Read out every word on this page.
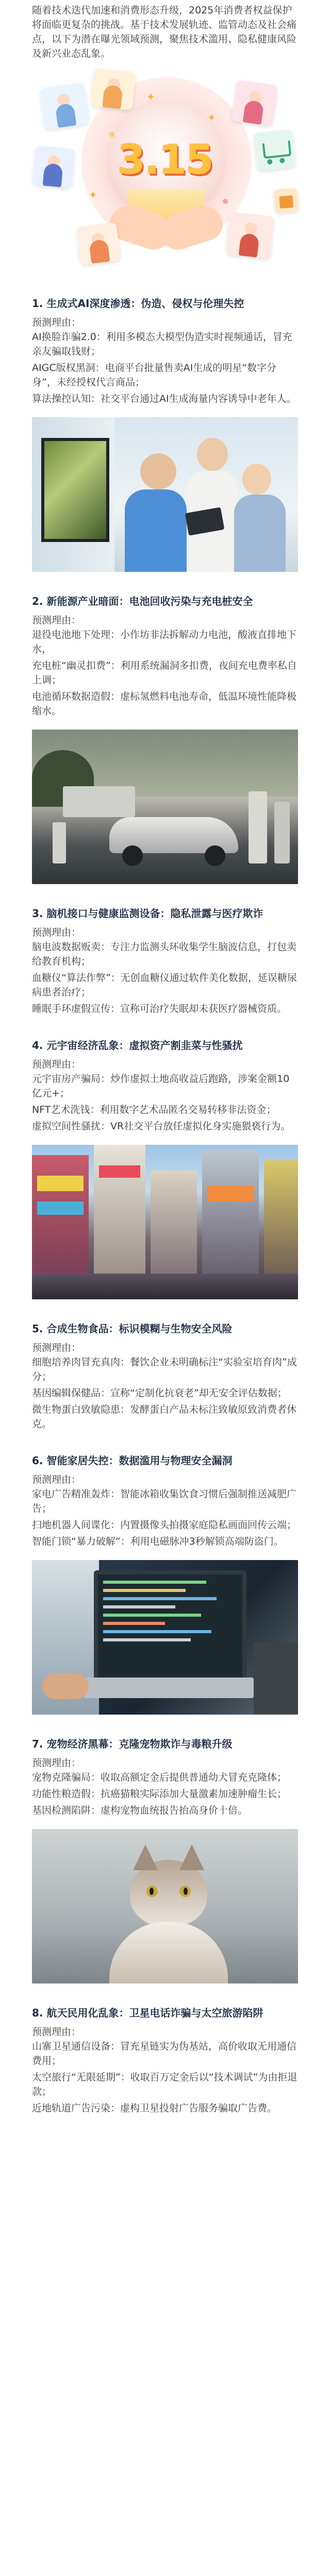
随着技术迭代加速和消费形态升级，2025年消费者权益保护将面临更复杂的挑战。基于技术发展轨迹、监管动态及社会痛点，以下为潜在曝光领域预测，聚焦技术滥用、隐私健康风险及新兴业态乱象。

3.15
✦
✦
✦

1. 生成式AI深度渗透：伪造、侵权与伦理失控

预测理由：

AI换脸诈骗2.0：利用多模态大模型伪造实时视频通话，冒充亲友骗取钱财；

AIGC版权黑洞：电商平台批量售卖AI生成的明星“数字分身”，未经授权代言商品；

算法操控认知：社交平台通过AI生成海量内容诱导中老年人。

2. 新能源产业暗面：电池回收污染与充电桩安全

预测理由：

退役电池地下处理：小作坊非法拆解动力电池，酸液直排地下水，

充电桩“幽灵扣费”：利用系统漏洞多扣费，夜间充电费率私自上调；

电池循环数据造假：虚标氢燃料电池寿命，低温环境性能降极缩水。

3. 脑机接口与健康监测设备：隐私泄露与医疗欺诈

预测理由：

脑电波数据贩卖：专注力监测头环收集学生脑波信息，打包卖给教育机构；

血糖仪“算法作弊”：无创血糖仪通过软件美化数据，延误糖尿病患者治疗；

睡眠手环虚假宣传：宣称可治疗失眠却未获医疗器械资质。

4. 元宇宙经济乱象：虚拟资产割韭菜与性骚扰

预测理由：

元宇宙房产骗局：炒作虚拟土地高收益后跑路，涉案金额10亿元+；

NFT艺术洗钱：利用数字艺术品匿名交易转移非法资金；

虚拟空间性骚扰：VR社交平台放任虚拟化身实施猥亵行为。

5. 合成生物食品：标识模糊与生物安全风险

预测理由：

细胞培养肉冒充真肉：餐饮企业未明确标注“实验室培育肉”成分；

基因编辑保健品：宣称“定制化抗衰老”却无安全评估数据；

微生物蛋白致敏隐患：发酵蛋白产品未标注致敏原致消费者休克。

6. 智能家居失控：数据滥用与物理安全漏洞

预测理由：

家电广告精准轰炸：智能冰箱收集饮食习惯后强制推送减肥广告；

扫地机器人间谍化：内置摄像头拍摄家庭隐私画面回传云端；

智能门锁“暴力破解”：利用电磁脉冲3秒解锁高端防盗门。

7. 宠物经济黑幕：克隆宠物欺诈与毒粮升级

预测理由：

宠物克隆骗局：收取高额定金后提供普通幼犬冒充克隆体；

功能性粮造假：抗癌猫粮实际添加大量激素加速肿瘤生长；

基因检测陷阱：虚构宠物血统报告抬高身价十倍。

8. 航天民用化乱象：卫星电话诈骗与太空旅游陷阱

预测理由：

山寨卫星通信设备：冒充星链实为伪基站，高价收取无用通信费用；

太空旅行“无限延期”：收取百万定金后以“技术调试”为由拒退款；

近地轨道广告污染：虚构卫星投射广告服务骗取广告费。
